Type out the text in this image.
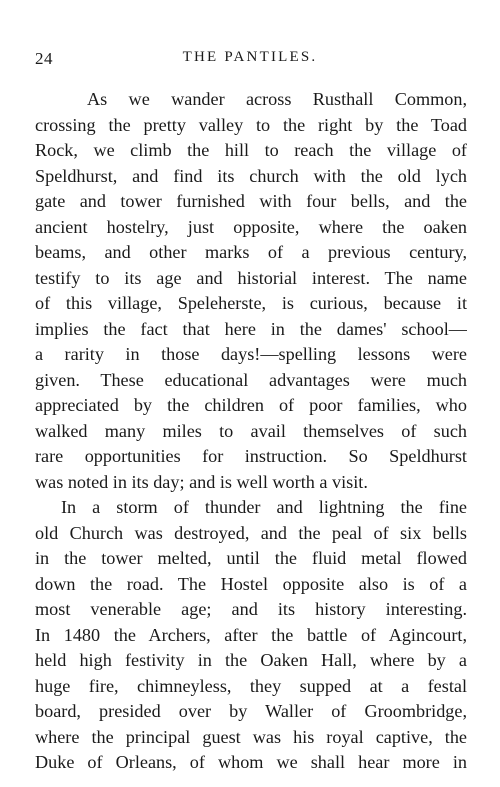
24	THE PANTILES.
As we wander across Rusthall Common,
crossing the pretty valley to the right by the Toad
Rock, we climb the hill to reach the village of
Speldhurst, and find its church with the old lych
gate and tower furnished with four bells, and the
ancient hostelry, just opposite, where the oaken
beams, and other marks of a previous century,
testify to its age and historial interest. The name
of this village, Speleherste, is curious, because it
implies the fact that here in the dames' school—
a rarity in those days!—spelling lessons were
given. These educational advantages were much
appreciated by the children of poor families, who
walked many miles to avail themselves of such
rare opportunities for instruction. So Speldhurst
was noted in its day; and is well worth a visit.
In a storm of thunder and lightning the fine
old Church was destroyed, and the peal of six bells
in the tower melted, until the fluid metal flowed
down the road. The Hostel opposite also is of a
most venerable age; and its history interesting.
In 1480 the Archers, after the battle of Agincourt,
held high festivity in the Oaken Hall, where by a
huge fire, chimneyless, they supped at a festal
board, presided over by Waller of Groombridge,
where the principal guest was his royal captive, the
Duke of Orleans, of whom we shall hear more in
